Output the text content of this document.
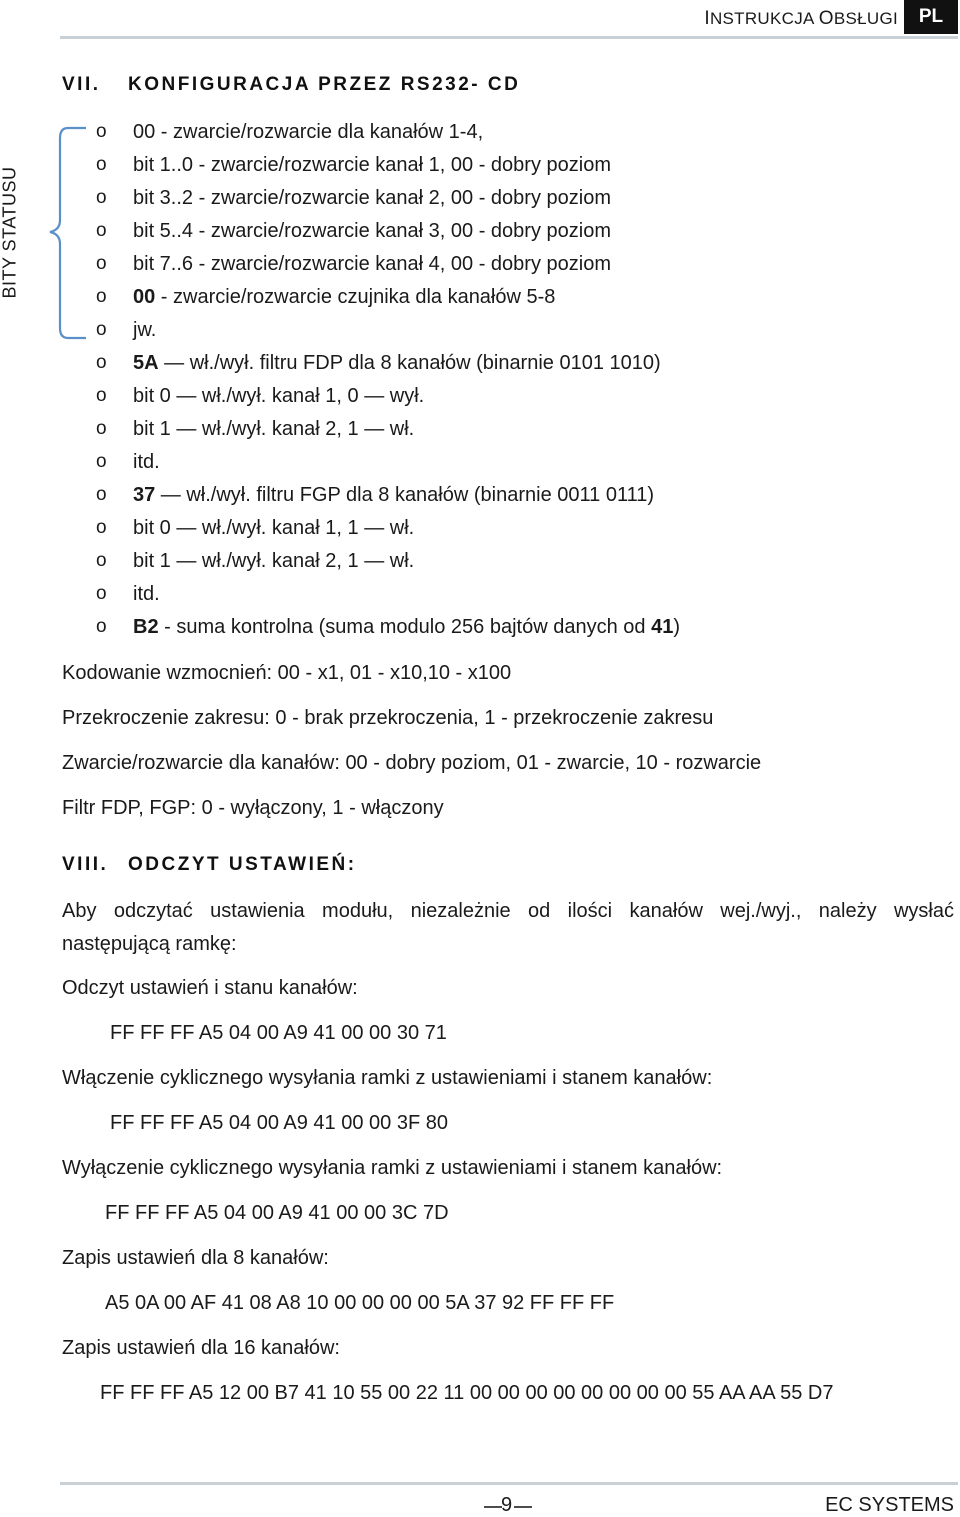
INSTRUKCJA OBSŁUGI	PL
VII. KONFIGURACJA PRZEZ RS232- CD
BITY STATUSU
o 00 - zwarcie/rozwarcie dla kanałów 1-4,
o bit 1..0 - zwarcie/rozwarcie kanał 1, 00 - dobry poziom
o bit 3..2 - zwarcie/rozwarcie kanał 2, 00 - dobry poziom
o bit 5..4 - zwarcie/rozwarcie kanał 3, 00 - dobry poziom
o bit 7..6 - zwarcie/rozwarcie kanał 4, 00 - dobry poziom
o 00 - zwarcie/rozwarcie czujnika dla kanałów 5-8
o jw.
o 5A — wł./wył. filtru FDP dla 8 kanałów (binarnie 0101 1010)
o bit 0 — wł./wył. kanał 1, 0 — wył.
o bit 1 — wł./wył. kanał 2, 1 — wł.
o itd.
o 37 — wł./wył. filtru FGP dla 8 kanałów (binarnie 0011 0111)
o bit 0 — wł./wył. kanał 1, 1 — wł.
o bit 1 — wł./wył. kanał 2, 1 — wł.
o itd.
o B2 - suma kontrolna (suma modulo 256 bajtów danych od 41)
Kodowanie wzmocnień: 00 - x1, 01 - x10,10 - x100
Przekroczenie zakresu: 0 - brak przekroczenia, 1 - przekroczenie zakresu
Zwarcie/rozwarcie dla kanałów: 00 - dobry poziom, 01 - zwarcie, 10 - rozwarcie
Filtr FDP, FGP: 0 - wyłączony, 1 - włączony
VIII. ODCZYT USTAWIEŃ:
Aby odczytać ustawienia modułu, niezależnie od ilości kanałów wej./wyj., należy wysłać
następującą ramkę:
Odczyt ustawień i stanu kanałów:
FF FF FF A5 04 00 A9 41 00 00 30 71
Włączenie cyklicznego wysyłania ramki z ustawieniami i stanem kanałów:
FF FF FF A5 04 00 A9 41 00 00 3F 80
Wyłączenie cyklicznego wysyłania ramki z ustawieniami i stanem kanałów:
FF FF FF A5 04 00 A9 41 00 00 3C 7D
Zapis ustawień dla 8 kanałów:
A5 0A 00 AF 41 08 A8 10 00 00 00 00 5A 37 92 FF FF FF
Zapis ustawień dla 16 kanałów:
FF FF FF A5 12 00 B7 41 10 55 00 22 11 00 00 00 00 00 00 00 00 55 AA AA 55 D7
9	EC SYSTEMS
